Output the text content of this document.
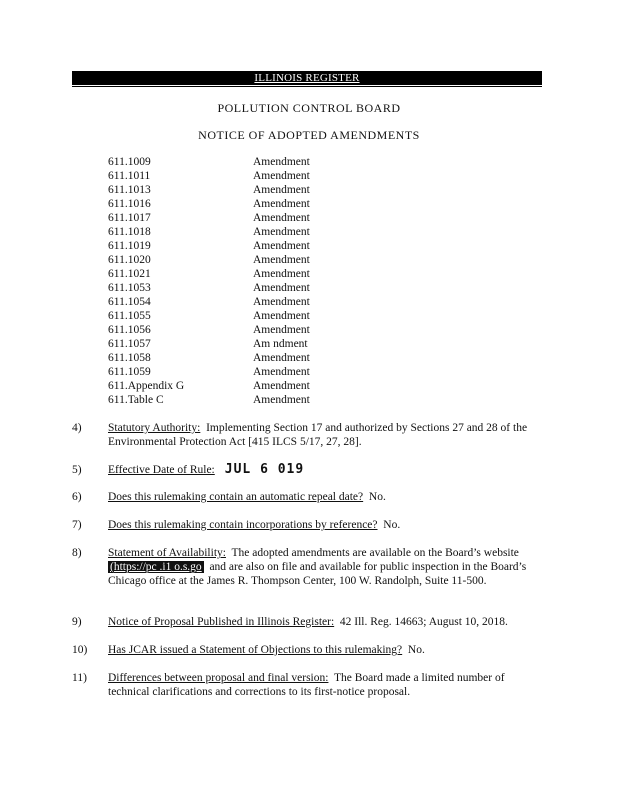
ILLINOIS REGISTER
POLLUTION CONTROL BOARD
NOTICE OF ADOPTED AMENDMENTS
611.1009	Amendment
611.1011	Amendment
611.1013	Amendment
611.1016	Amendment
611.1017	Amendment
611.1018	Amendment
611.1019	Amendment
611.1020	Amendment
611.1021	Amendment
611.1053	Amendment
611.1054	Amendment
611.1055	Amendment
611.1056	Amendment
611.1057	Am ndment
611.1058	Amendment
611.1059	Amendment
611.Appendix G	Amendment
611.Table C	Amendment
4)	Statutory Authority: Implementing Section 17 and authorized by Sections 27 and 28 of the Environmental Protection Act [415 ILCS 5/17, 27, 28].
5)	Effective Date of Rule: JUL 6 019
6)	Does this rulemaking contain an automatic repeal date? No.
7)	Does this rulemaking contain incorporations by reference? No.
8)	Statement of Availability: The adopted amendments are available on the Board’s website (https://pc .i1 o.s.go and are also on file and available for public inspection in the Board’s Chicago office at the James R. Thompson Center, 100 W. Randolph, Suite 11-500.
9)	Notice of Proposal Published in Illinois Register: 42 Ill. Reg. 14663; August 10, 2018.
10)	Has JCAR issued a Statement of Objections to this rulemaking? No.
11)	Differences between proposal and final version: The Board made a limited number of technical clarifications and corrections to its first-notice proposal.
